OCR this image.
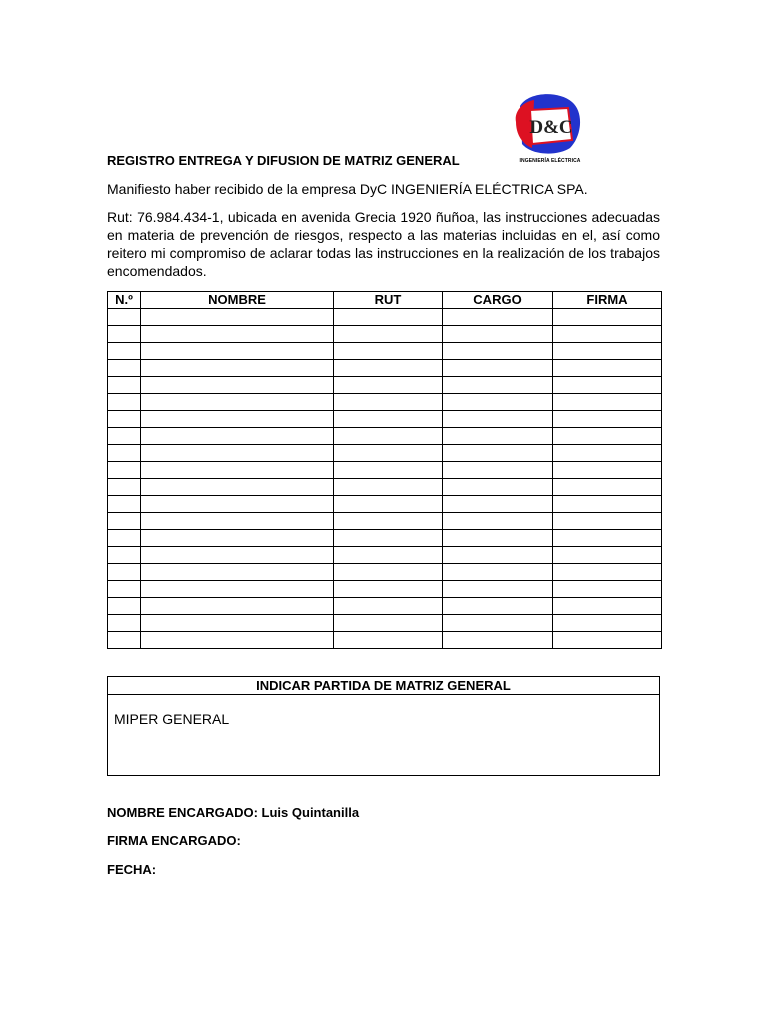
D&C
INGENIERÍA ELÉCTRICA
REGISTRO ENTREGA Y DIFUSION DE MATRIZ GENERAL
Manifiesto haber recibido de la empresa DyC INGENIERÍA ELÉCTRICA SPA.
Rut: 76.984.434-1, ubicada en avenida Grecia 1920 ñuñoa, las instrucciones adecuadas en materia de prevención de riesgos, respecto a las materias incluidas en el, así como reitero mi compromiso de aclarar todas las instrucciones en la realización de los trabajos encomendados.
N.º	NOMBRE	RUT	CARGO	FIRMA

INDICAR PARTIDA DE MATRIZ GENERAL
MIPER GENERAL
NOMBRE ENCARGADO: Luis Quintanilla
FIRMA ENCARGADO:
FECHA:
